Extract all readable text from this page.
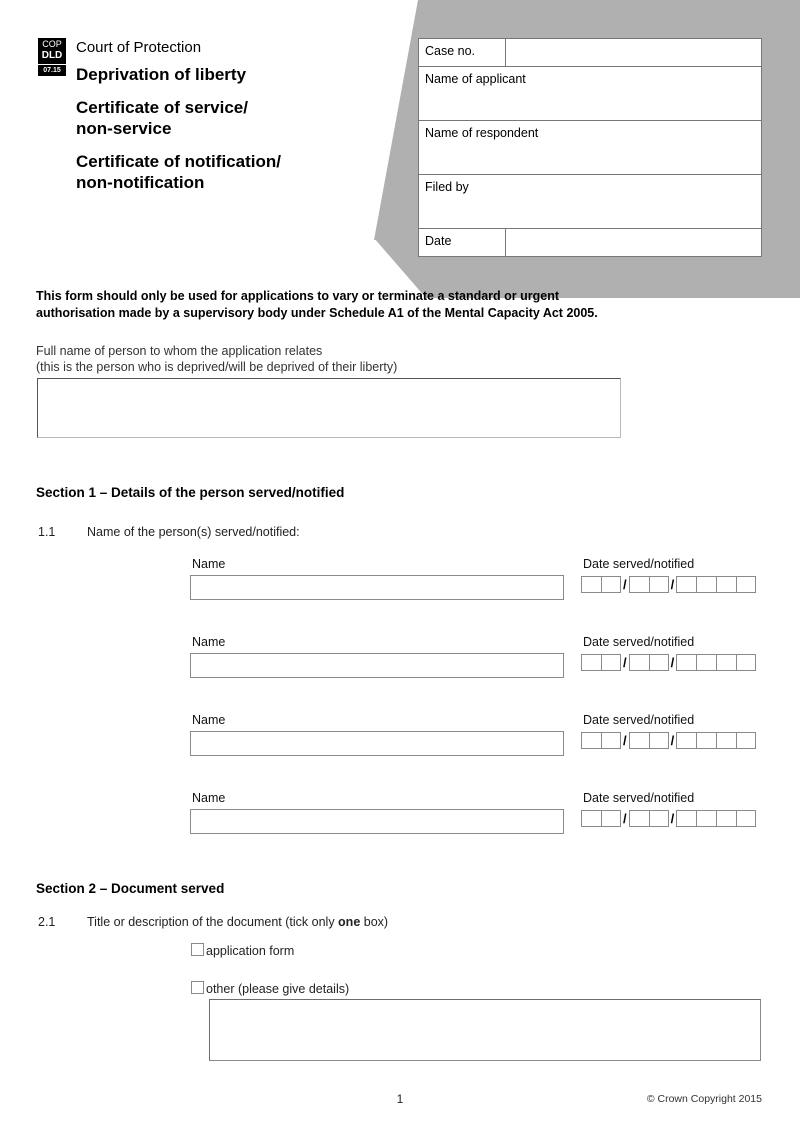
COP
DLD
07.15
Court of Protection
Deprivation of liberty
Certificate of service/
non-service
Certificate of notification/
non-notification
Case no.	
Name of applicant	
Name of respondent	
Filed by	
Date	
This form should only be used for applications to vary or terminate a standard or urgent
authorisation made by a supervisory body under Schedule A1 of the Mental Capacity Act 2005.
Full name of person to whom the application relates
(this is the person who is deprived/will be deprived of their liberty)
Section 1 – Details of the person served/notified
1.1	Name of the person(s) served/notified:
Name	Date served/notified
/	/
Name	Date served/notified
/	/
Name	Date served/notified
/	/
Name	Date served/notified
/	/
Section 2 – Document served
2.1	Title or description of the document (tick only one box)
application form
other (please give details)
1	© Crown Copyright 2015
